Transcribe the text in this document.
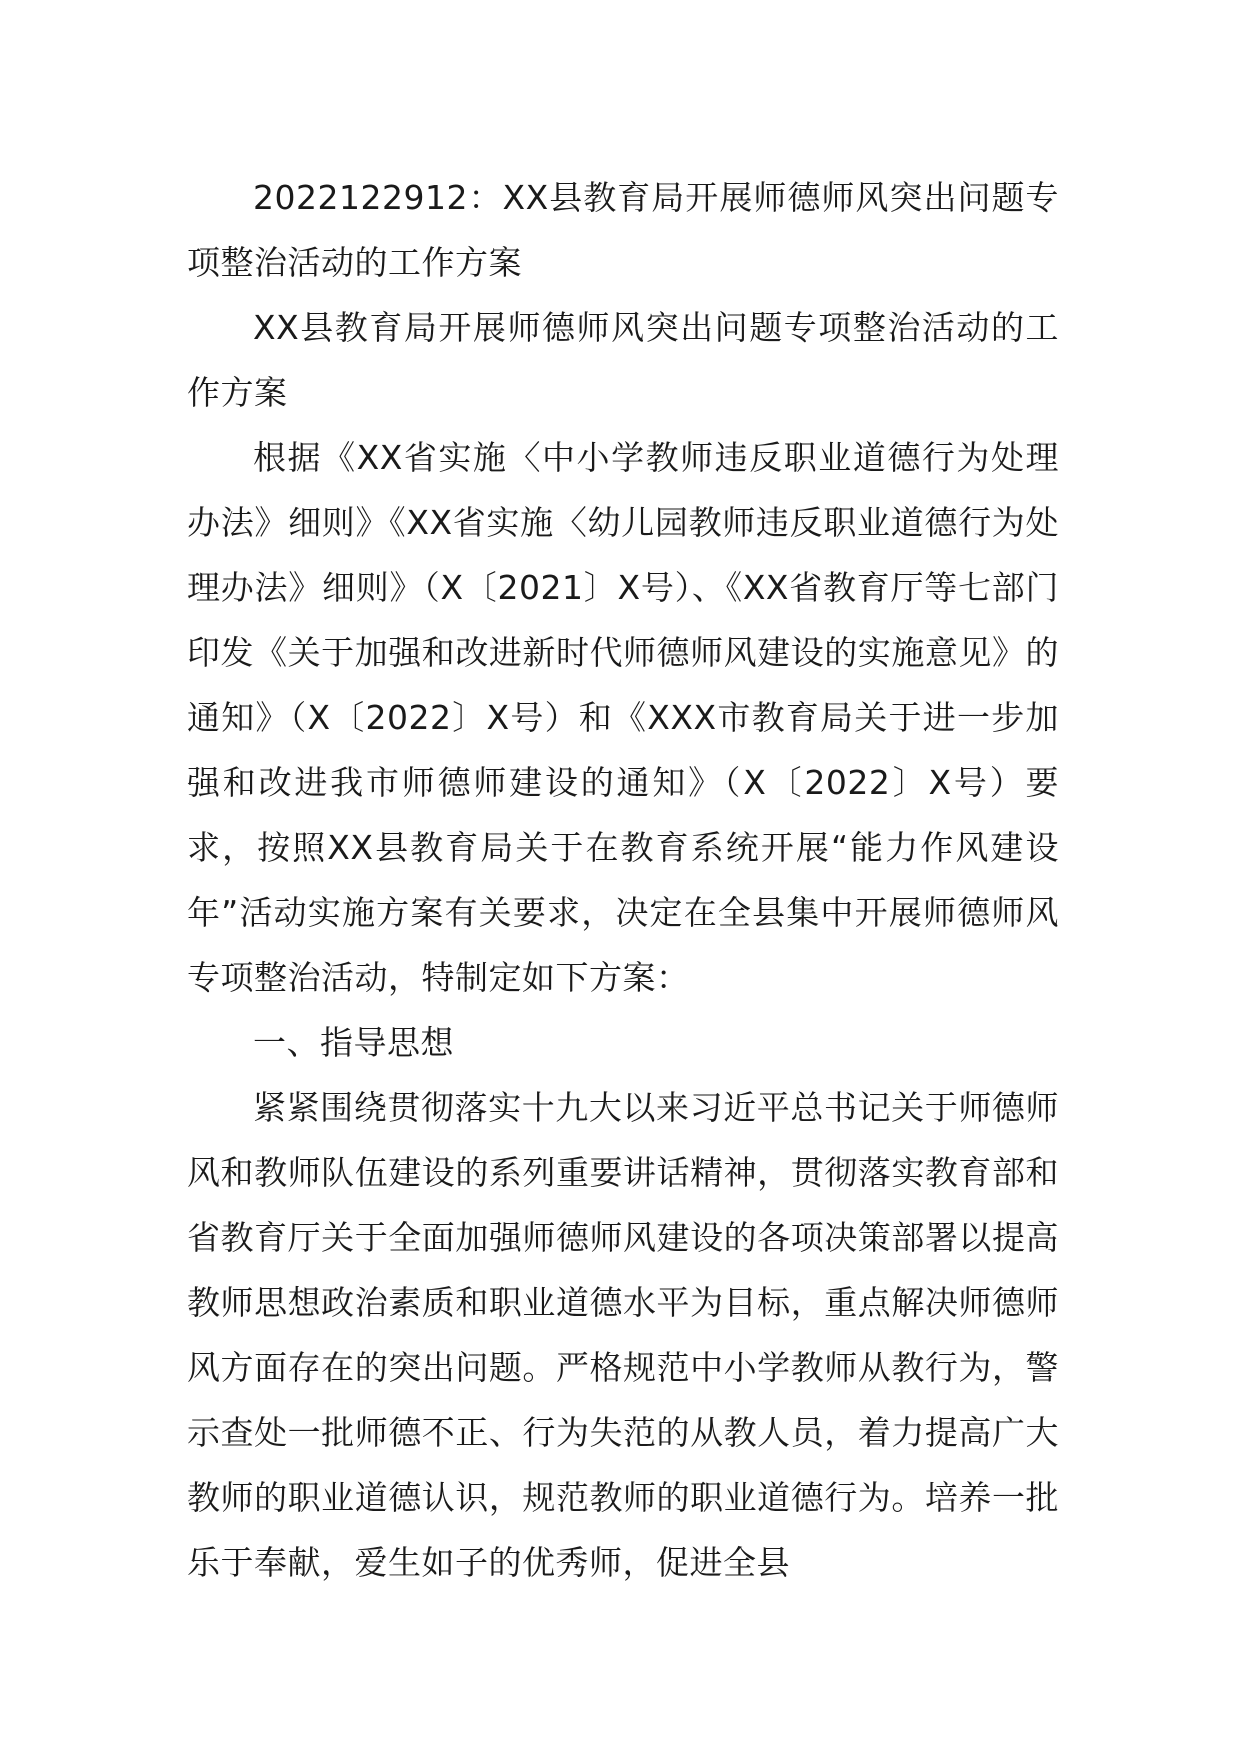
2022122912：XX县教育局开展师德师风突出问题专项整治活动的工作方案

XX县教育局开展师德师风突出问题专项整治活动的工作方案

根据《XX省实施〈中小学教师违反职业道德行为处理办法》细则》《XX省实施〈幼儿园教师违反职业道德行为处理办法》细则》（X〔2021〕X号）、《XX省教育厅等七部门印发《关于加强和改进新时代师德师风建设的实施意见》的通知》（X〔2022〕X号）和《XXX市教育局关于进一步加强和改进我市师德师建设的通知》（X〔2022〕X号）要求，按照XX县教育局关于在教育系统开展“能力作风建设年”活动实施方案有关要求，决定在全县集中开展师德师风专项整治活动，特制定如下方案：

一、指导思想

紧紧围绕贯彻落实十九大以来习近平总书记关于师德师风和教师队伍建设的系列重要讲话精神，贯彻落实教育部和省教育厅关于全面加强师德师风建设的各项决策部署以提高教师思想政治素质和职业道德水平为目标，重点解决师德师风方面存在的突出问题。严格规范中小学教师从教行为，警示查处一批师德不正、行为失范的从教人员，着力提高广大教师的职业道德认识，规范教师的职业道德行为。培养一批乐于奉献，爱生如子的优秀师，促进全县
